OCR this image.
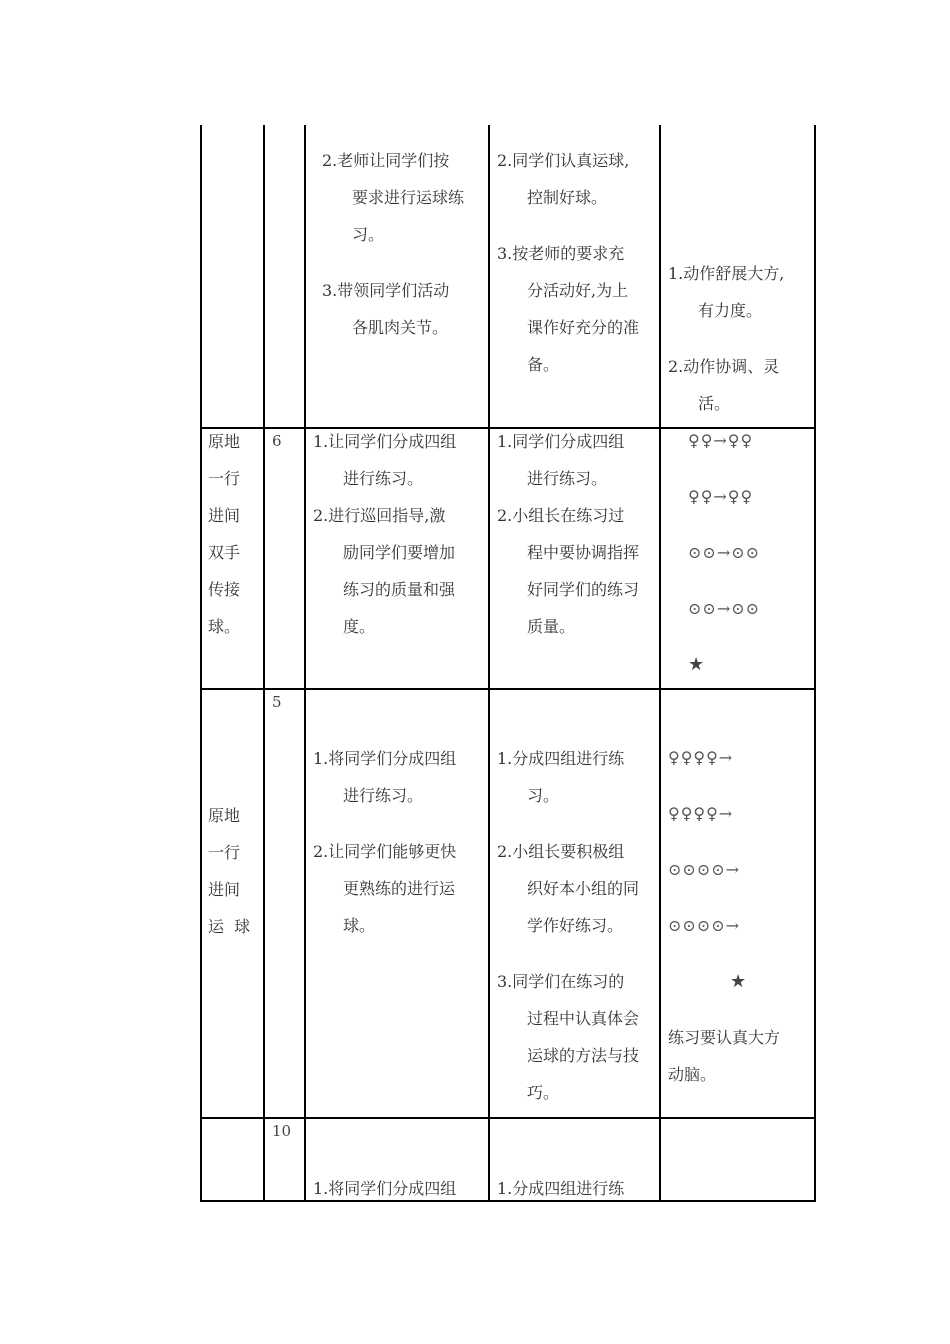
2.老师让同学们按
要求进行运球练
习。
3.带领同学们活动
各肌肉关节。
2.同学们认真运球,
控制好球。
3.按老师的要求充
分活动好,为上
课作好充分的准
备。
1.动作舒展大方,
有力度。
2.动作协调、灵
活。
原地
一行
进间
双手
传接
球。
6 1.让同学们分成四组
进行练习。
2.进行巡回指导,激
励同学们要增加
练习的质量和强
度。
1.同学们分成四组
进行练习。
2.小组长在练习过
程中要协调指挥
好同学们的练习
质量。
♀♀→♀♀
♀♀→♀♀
⊙⊙→⊙⊙
⊙⊙→⊙⊙
★
5
原地
一行
进间
运  球
1.将同学们分成四组
进行练习。
2.让同学们能够更快
更熟练的进行运
球。
1.分成四组进行练
习。
2.小组长要积极组
织好本小组的同
学作好练习。
3.同学们在练习的
过程中认真体会
运球的方法与技
巧。
♀♀♀♀→
♀♀♀♀→
⊙⊙⊙⊙→
⊙⊙⊙⊙→
★
练习要认真大方
动脑。
10
1.将同学们分成四组	1.分成四组进行练
